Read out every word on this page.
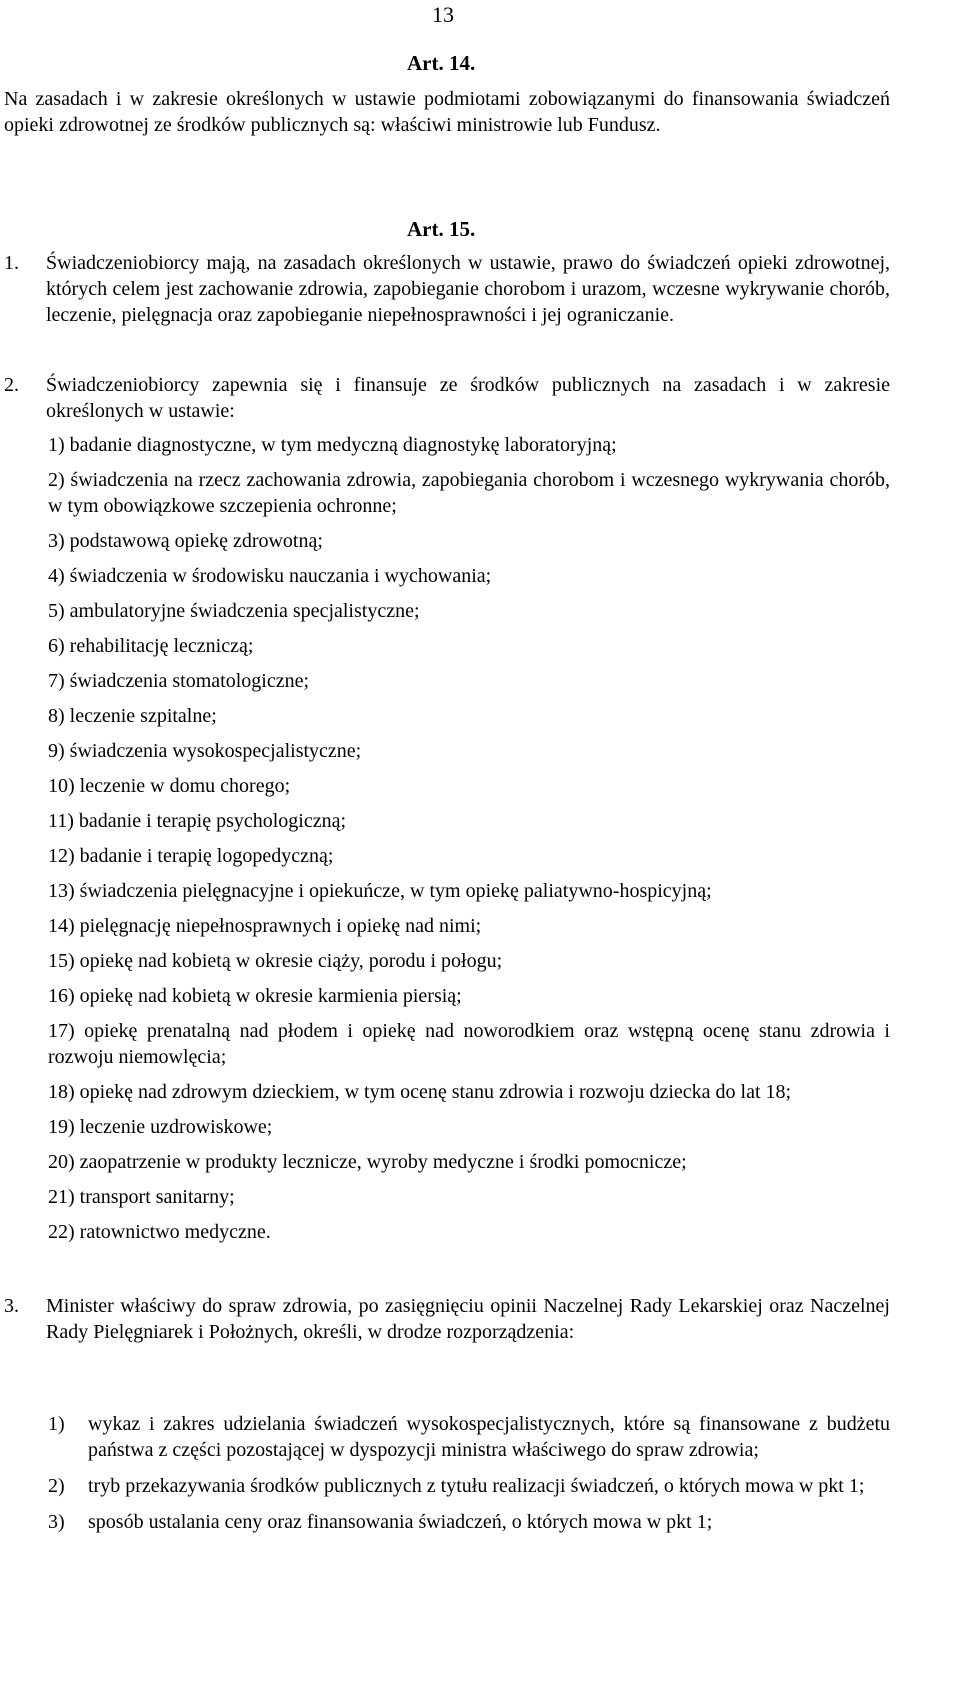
13
Art. 14.
Na zasadach i w zakresie określonych w ustawie podmiotami zobowiązanymi do finansowania świadczeń opieki zdrowotnej ze środków publicznych są: właściwi ministrowie lub Fundusz.
Art. 15.
1. Świadczeniobiorcy mają, na zasadach określonych w ustawie, prawo do świadczeń opieki zdrowotnej, których celem jest zachowanie zdrowia, zapobieganie chorobom i urazom, wczesne wykrywanie chorób, leczenie, pielęgnacja oraz zapobieganie niepełnosprawności i jej ograniczanie.
2. Świadczeniobiorcy zapewnia się i finansuje ze środków publicznych na zasadach i w zakresie określonych w ustawie:
1) badanie diagnostyczne, w tym medyczną diagnostykę laboratoryjną;
2) świadczenia na rzecz zachowania zdrowia, zapobiegania chorobom i wczesnego wykrywania chorób, w tym obowiązkowe szczepienia ochronne;
3) podstawową opiekę zdrowotną;
4) świadczenia w środowisku nauczania i wychowania;
5) ambulatoryjne świadczenia specjalistyczne;
6) rehabilitację leczniczą;
7) świadczenia stomatologiczne;
8) leczenie szpitalne;
9) świadczenia wysokospecjalistyczne;
10) leczenie w domu chorego;
11) badanie i terapię psychologiczną;
12) badanie i terapię logopedyczną;
13) świadczenia pielęgnacyjne i opiekuńcze, w tym opiekę paliatywno-hospicyjną;
14) pielęgnację niepełnosprawnych i opiekę nad nimi;
15) opiekę nad kobietą w okresie ciąży, porodu i połogu;
16) opiekę nad kobietą w okresie karmienia piersią;
17) opiekę prenatalną nad płodem i opiekę nad noworodkiem oraz wstępną ocenę stanu zdrowia i rozwoju niemowlęcia;
18) opiekę nad zdrowym dzieckiem, w tym ocenę stanu zdrowia i rozwoju dziecka do lat 18;
19) leczenie uzdrowiskowe;
20) zaopatrzenie w produkty lecznicze, wyroby medyczne i środki pomocnicze;
21) transport sanitarny;
22) ratownictwo medyczne.
3. Minister właściwy do spraw zdrowia, po zasięgnięciu opinii Naczelnej Rady Lekarskiej oraz Naczelnej Rady Pielęgniarek i Położnych, określi, w drodze rozporządzenia:
1) wykaz i zakres udzielania świadczeń wysokospecjalistycznych, które są finansowane z budżetu państwa z części pozostającej w dyspozycji ministra właściwego do spraw zdrowia;
2) tryb przekazywania środków publicznych z tytułu realizacji świadczeń, o których mowa w pkt 1;
3) sposób ustalania ceny oraz finansowania świadczeń, o których mowa w pkt 1;
